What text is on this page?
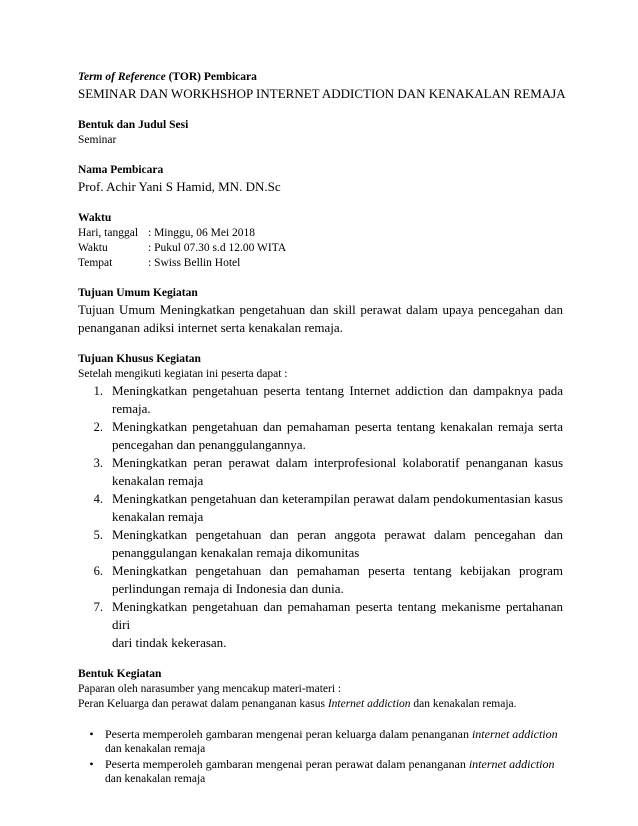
Term of Reference (TOR) Pembicara
SEMINAR DAN WORKHSHOP INTERNET ADDICTION DAN KENAKALAN REMAJA
Bentuk dan Judul Sesi
Seminar
Nama Pembicara
Prof. Achir Yani S Hamid, MN. DN.Sc
Waktu
Hari, tanggal : Minggu, 06 Mei 2018
Waktu	: Pukul 07.30 s.d 12.00 WITA
Tempat	: Swiss Bellin Hotel
Tujuan Umum Kegiatan
Tujuan Umum Meningkatkan pengetahuan dan skill perawat dalam upaya pencegahan dan
penanganan adiksi internet serta kenakalan remaja.
Tujuan Khusus Kegiatan
Setelah mengikuti kegiatan ini peserta dapat :
1. Meningkatkan pengetahuan peserta tentang Internet addiction dan dampaknya pada
remaja.
2. Meningkatkan pengetahuan dan pemahaman peserta tentang kenakalan remaja serta
pencegahan dan penanggulangannya.
3. Meningkatkan peran perawat dalam interprofesional kolaboratif penanganan kasus
kenakalan remaja
4. Meningkatkan pengetahuan dan keterampilan perawat dalam pendokumentasian kasus
kenakalan remaja
5. Meningkatkan pengetahuan dan peran anggota perawat dalam pencegahan dan
penanggulangan kenakalan remaja dikomunitas
6. Meningkatkan pengetahuan dan pemahaman peserta tentang kebijakan program
perlindungan remaja di Indonesia dan dunia.
7. Meningkatkan pengetahuan dan pemahaman peserta tentang mekanisme pertahanan diri
dari tindak kekerasan.
Bentuk Kegiatan
Paparan oleh narasumber yang mencakup materi-materi :
Peran Keluarga dan perawat dalam penanganan kasus Internet addiction dan kenakalan remaja.
• Peserta memperoleh gambaran mengenai peran keluarga dalam penanganan internet addiction
dan kenakalan remaja
• Peserta memperoleh gambaran mengenai peran perawat dalam penanganan internet addiction
dan kenakalan remaja
